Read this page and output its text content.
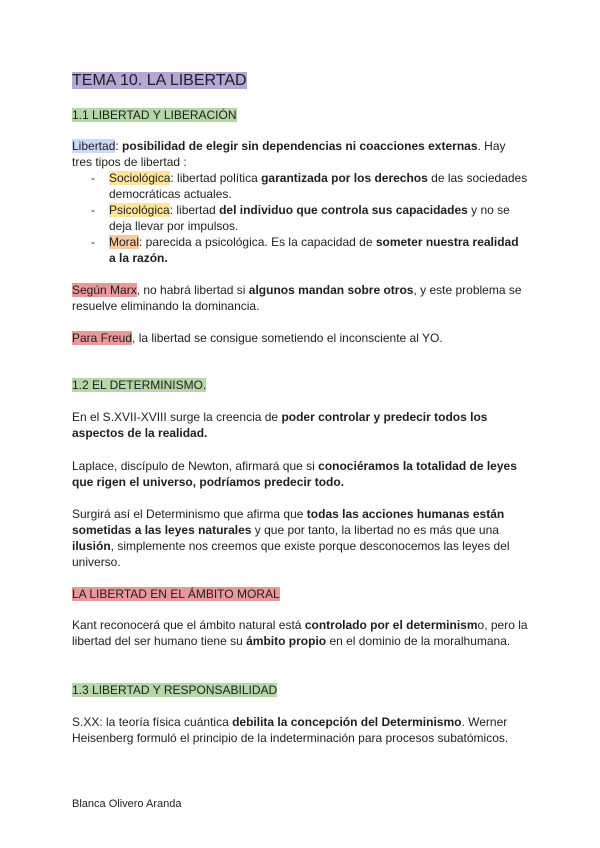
TEMA 10. LA LIBERTAD
1.1 LIBERTAD Y LIBERACIÓN

Libertad: posibilidad de elegir sin dependencias ni coacciones externas. Hay tres tipos de libertad :

- Sociológica: libertad política garantizada por los derechos de las sociedades democráticas actuales.
- Psicológica: libertad del individuo que controla sus capacidades y no se deja llevar por impulsos.
- Moral: parecida a psicológica. Es la capacidad de someter nuestra realidad a la razón.

Según Marx, no habrá libertad si algunos mandan sobre otros, y este problema se resuelve eliminando la dominancia.

Para Freud, la libertad se consigue sometiendo el inconsciente al YO.

1.2 EL DETERMINISMO.

En el S.XVII-XVIII surge la creencia de poder controlar y predecir todos los aspectos de la realidad.

Laplace, discípulo de Newton, afirmará que si conociéramos la totalidad de leyes que rigen el universo, podríamos predecir todo.

Surgirá así el Determinismo que afirma que todas las acciones humanas están sometidas a las leyes naturales y que por tanto, la libertad no es más que una ilusión, simplemente nos creemos que existe porque desconocemos las leyes del universo.

LA LIBERTAD EN EL ÁMBITO MORAL

Kant reconocerá que el ámbito natural está controlado por el determinismo, pero la libertad del ser humano tiene su ámbito propio en el dominio de la moralhumana.

1.3 LIBERTAD Y RESPONSABILIDAD

S.XX: la teoría física cuántica debilita la concepción del Determinismo. Werner Heisenberg formuló el principio de la indeterminación para procesos subatómicos.

Blanca Olivero Aranda
